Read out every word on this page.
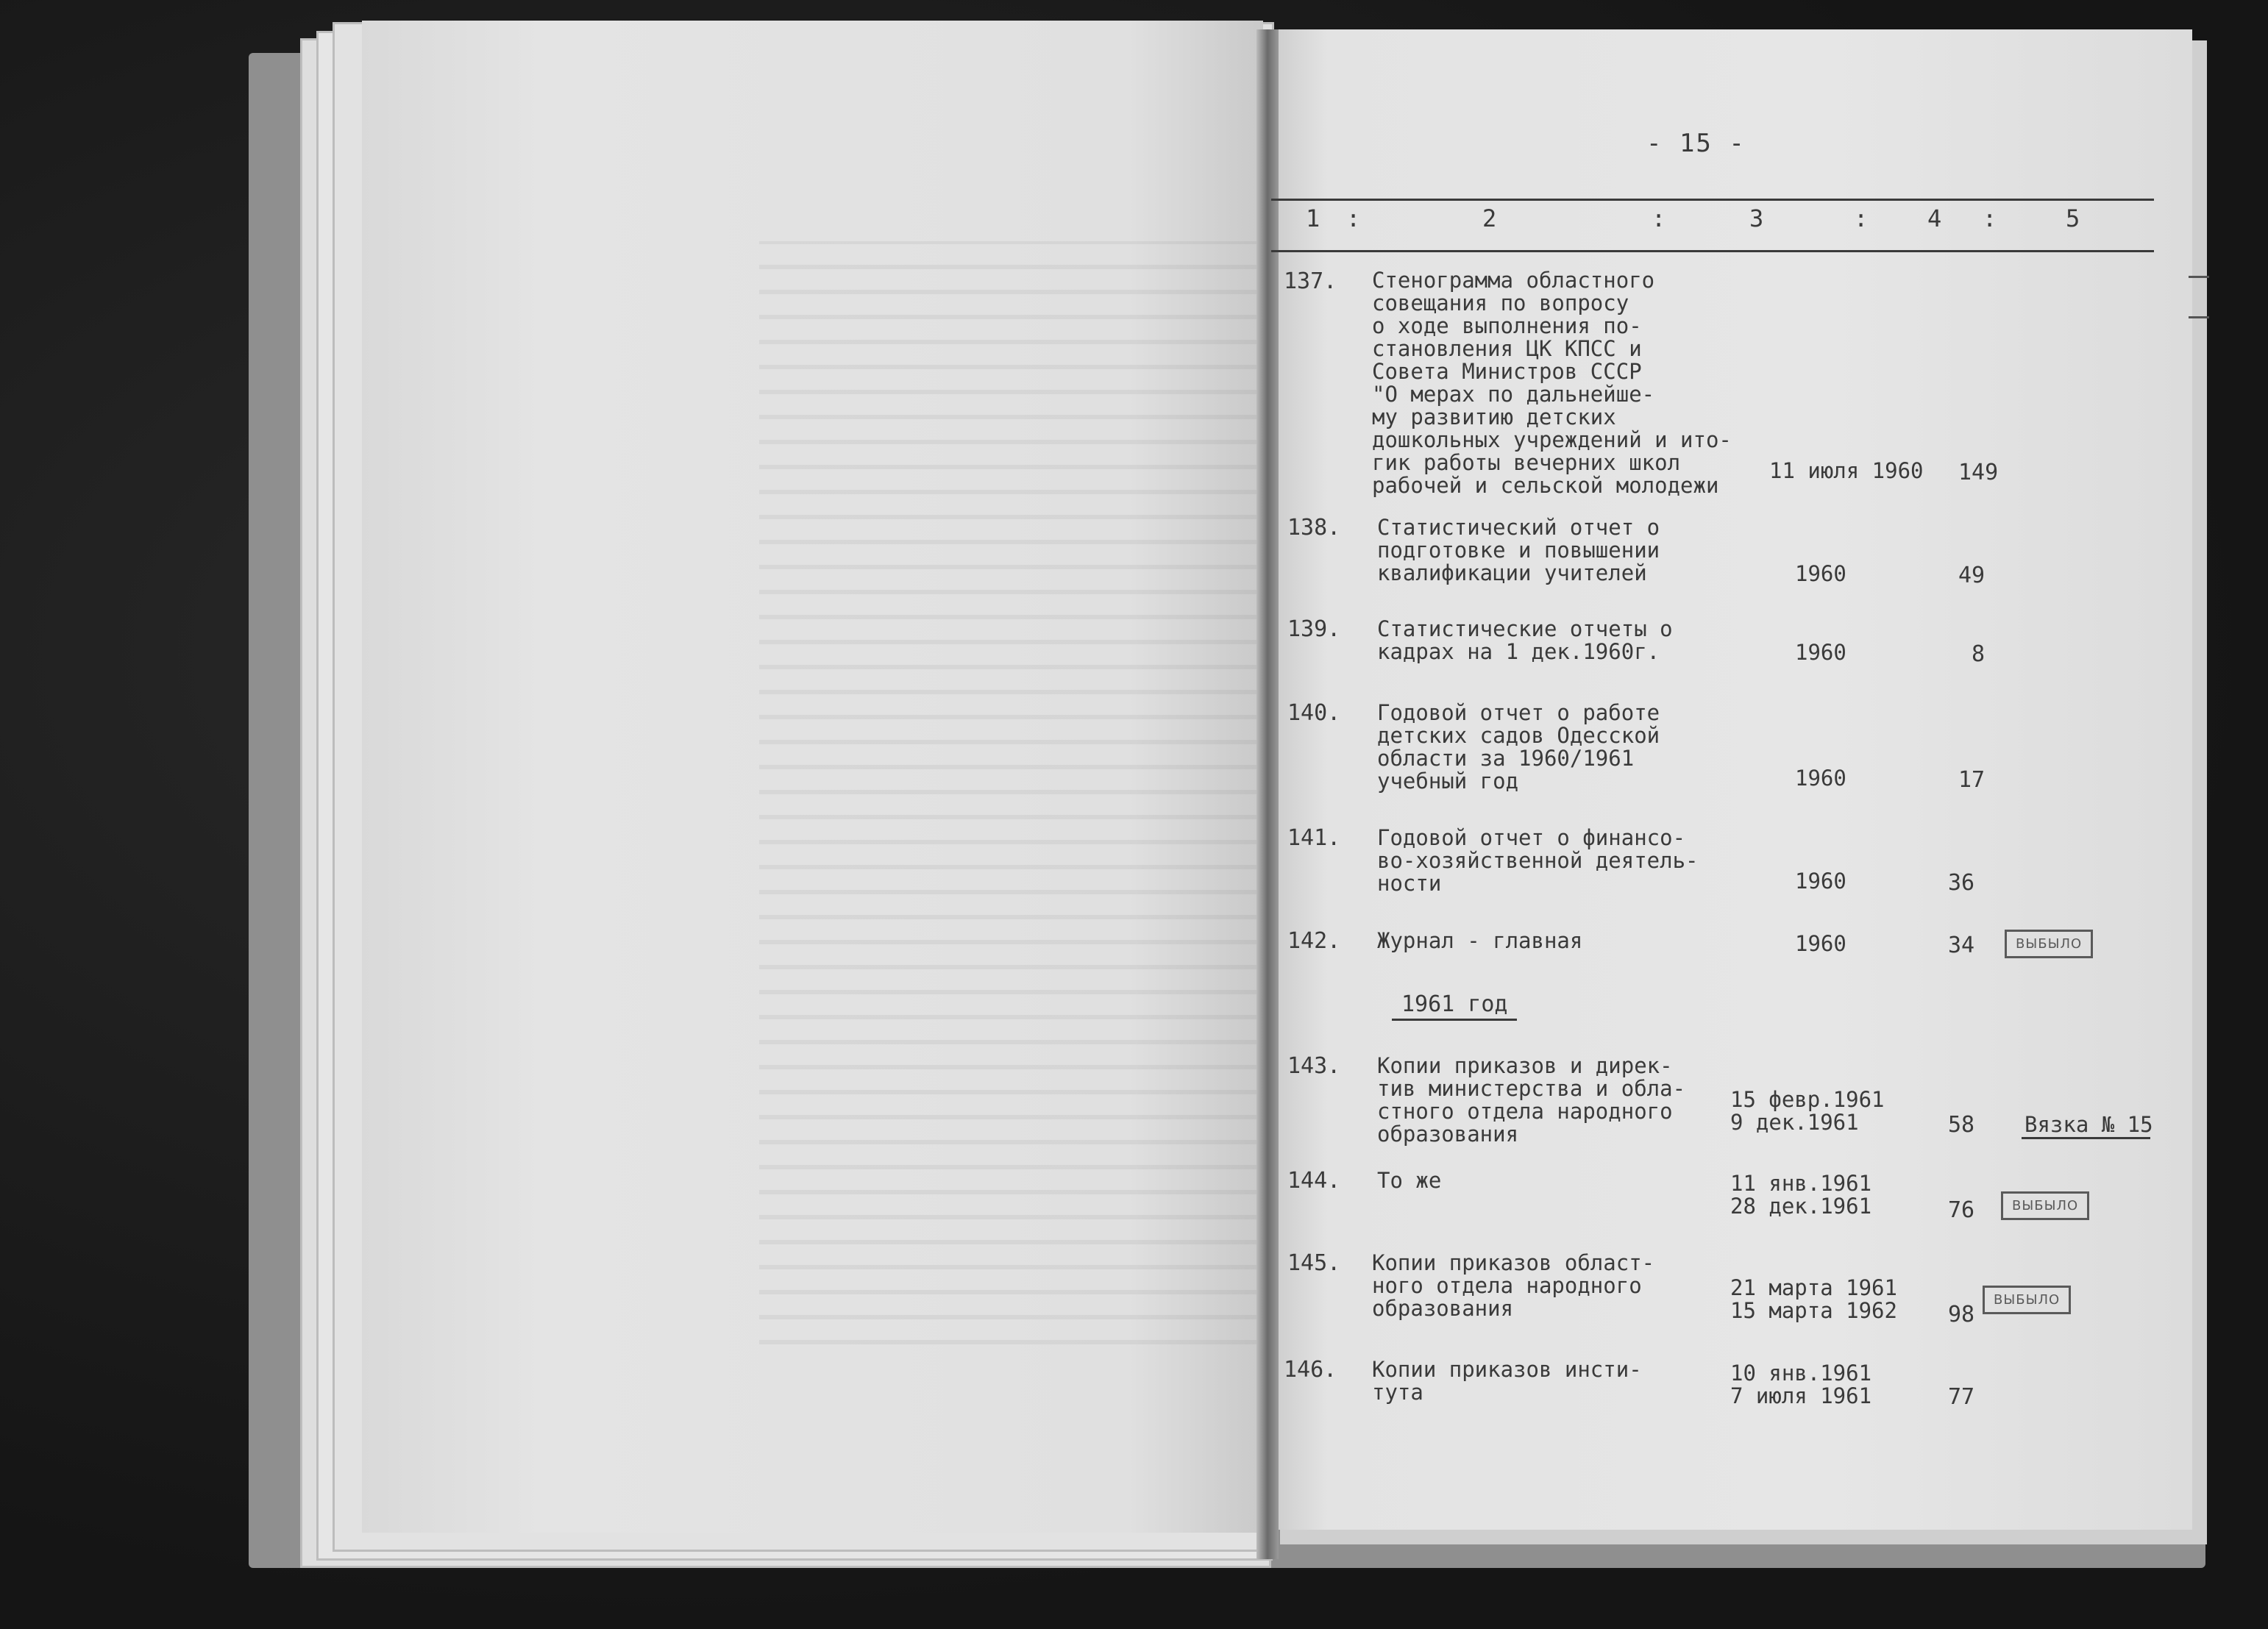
- 15 -
1 :	2	:	3	:	4 :	5
137. Стенограмма областного
совещания по вопросу
о ходе выполнения по-
становления ЦК КПСС и
Совета Министров СССР
"О мерах по дальнейше-
му развитию детских
дошкольных учреждений и ито-
гик работы вечерних школ
рабочей и сельской молодежи
11 июля 1960 149
138. Статистический отчет о
подготовке и повышении
квалификации учителей	1960	49
139. Статистические отчеты о
кадрах на 1 дек.1960г.	1960	8
140. Годовой отчет о работе
детских садов Одесской
области за 1960/1961
учебный год	1960	17
141. Годовой отчет о финансо-
во-хозяйственной деятель-
ности	1960	36
142. Журнал - главная	1960	34	ВЫБЫЛО
1961 год
143. Копии приказов и дирек-
тив министерства и обла-
стного отдела народного
образования
15 февр.1961
9 дек.1961	58 Вязка № 15
144. То же	11 янв.1961
28 дек.1961	76	ВЫБЫЛО
145. Копии приказов област-
ного отдела народного
образования
21 марта 1961
15 марта 1962 98
ВЫБЫЛО
146. Копии приказов инсти-
тута
10 янв.1961
7 июля 1961	77
